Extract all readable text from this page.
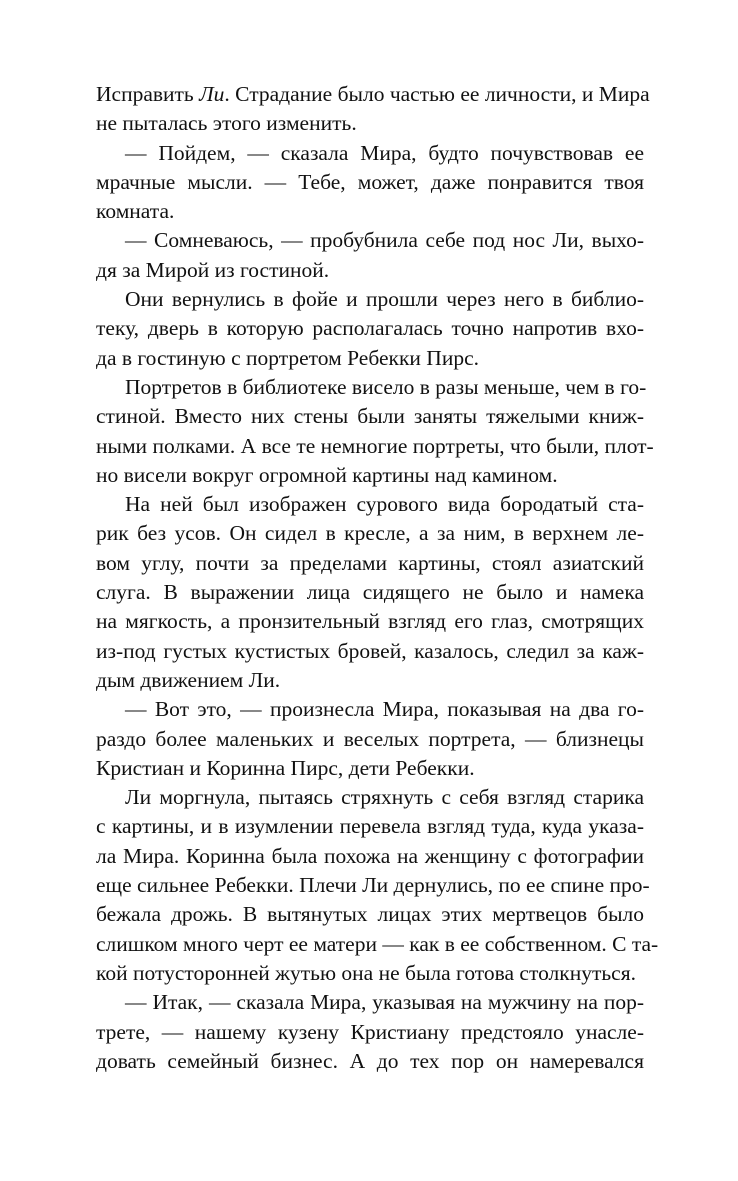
Исправить Ли. Страдание было частью ее личности, и Мира
не пыталась этого изменить.
— Пойдем, — сказала Мира, будто почувствовав ее
мрачные мысли. — Тебе, может, даже понравится твоя
комната.
— Сомневаюсь, — пробубнила себе под нос Ли, выхо-
дя за Мирой из гостиной.
Они вернулись в фойе и прошли через него в библио-
теку, дверь в которую располагалась точно напротив вхо-
да в гостиную с портретом Ребекки Пирс.
Портретов в библиотеке висело в разы меньше, чем в го-
стиной. Вместо них стены были заняты тяжелыми книж-
ными полками. А все те немногие портреты, что были, плот-
но висели вокруг огромной картины над камином.
На ней был изображен сурового вида бородатый ста-
рик без усов. Он сидел в кресле, а за ним, в верхнем ле-
вом углу, почти за пределами картины, стоял азиатский
слуга. В выражении лица сидящего не было и намека
на мягкость, а пронзительный взгляд его глаз, смотрящих
из-под густых кустистых бровей, казалось, следил за каж-
дым движением Ли.
— Вот это, — произнесла Мира, показывая на два го-
раздо более маленьких и веселых портрета, — близнецы
Кристиан и Коринна Пирс, дети Ребекки.
Ли моргнула, пытаясь стряхнуть с себя взгляд старика
с картины, и в изумлении перевела взгляд туда, куда указа-
ла Мира. Коринна была похожа на женщину с фотографии
еще сильнее Ребекки. Плечи Ли дернулись, по ее спине про-
бежала дрожь. В вытянутых лицах этих мертвецов было
слишком много черт ее матери — как в ее собственном. С та-
кой потусторонней жутью она не была готова столкнуться.
— Итак, — сказала Мира, указывая на мужчину на пор-
трете, — нашему кузену Кристиану предстояло унасле-
довать семейный бизнес. А до тех пор он намеревался
